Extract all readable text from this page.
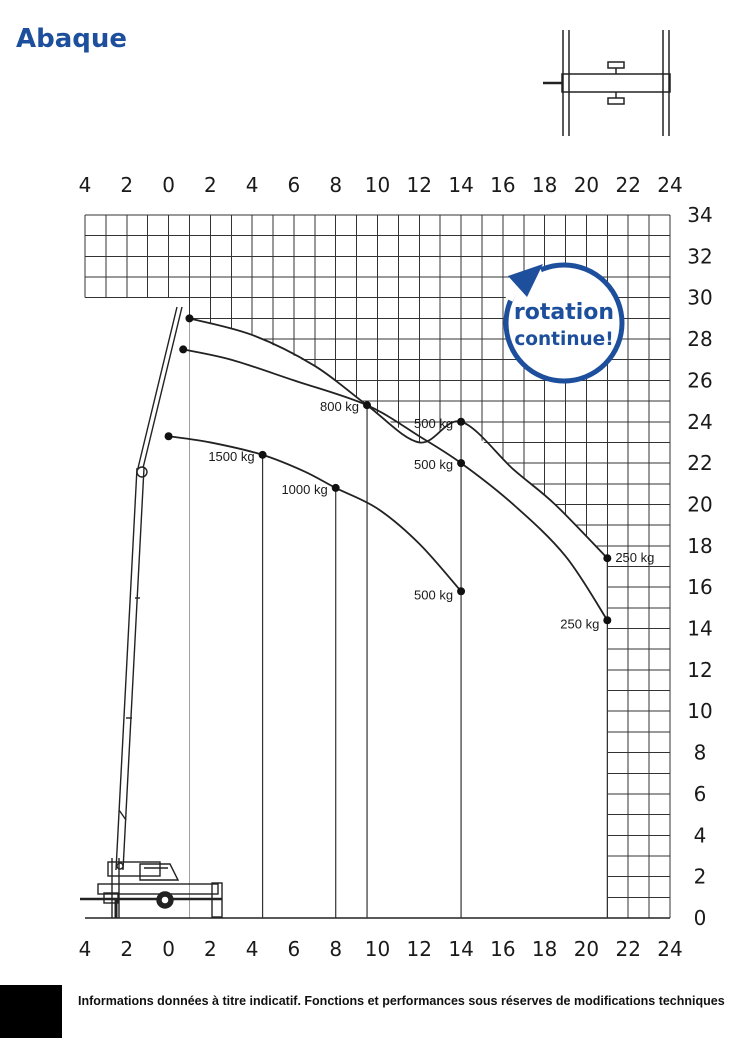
Abaque
500 kg
250 kg
800 kg
500 kg
250 kg
1500 kg
1000 kg
500 kg
4 2 0 2 4 6 8 10 12 14 16 18 20 22 24
4 2 0 2 4 6 8 10 12 14 16 18 20 22 24
0
2
4
6
8
10
12
14
16
18
20
22
24
26
28
30
32
34
rotation
continue!
Informations données à titre indicatif. Fonctions et performances sous réserves de modifications techniques
